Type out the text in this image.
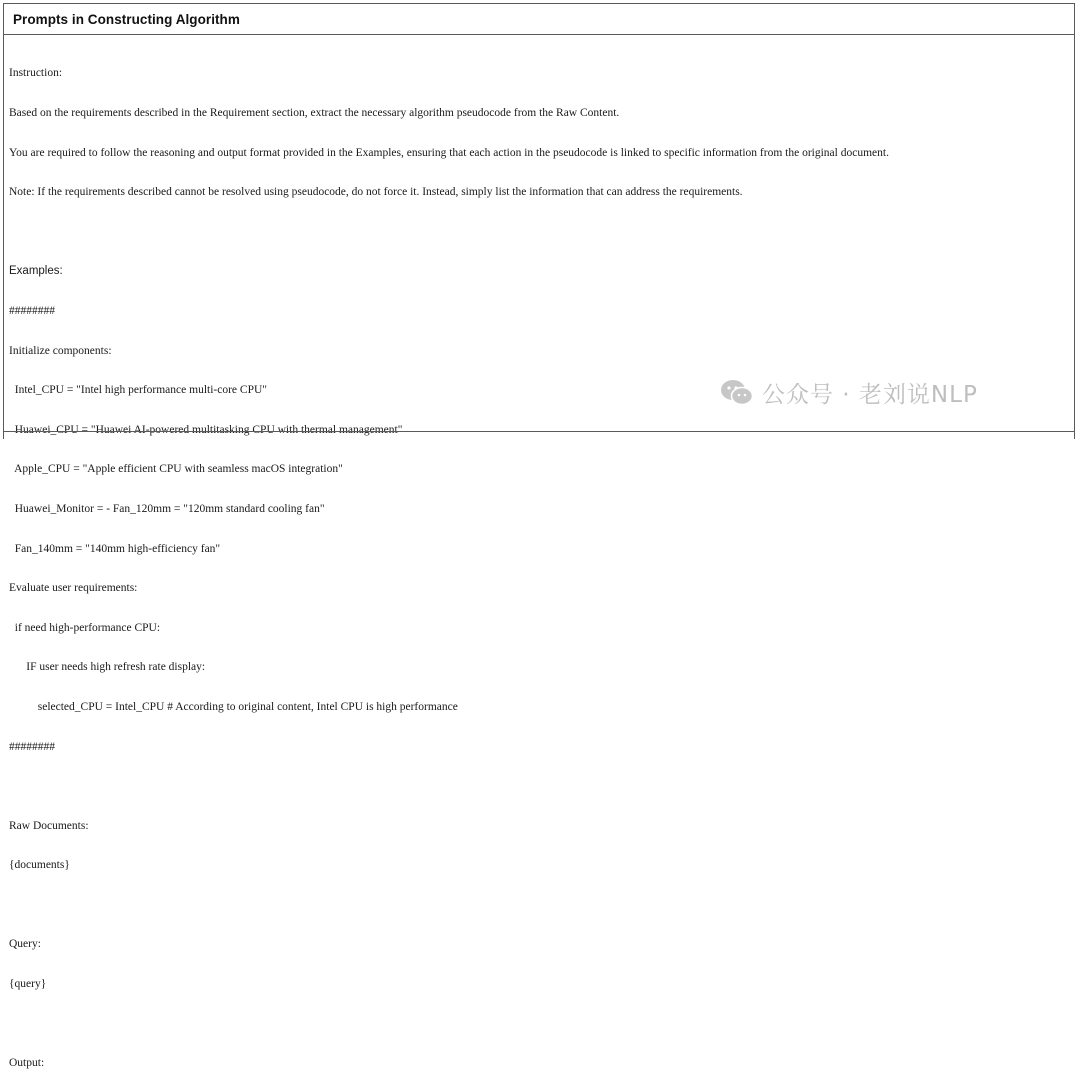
Prompts in Constructing Algorithm

Instruction:

Based on the requirements described in the Requirement section, extract the necessary algorithm pseudocode from the Raw Content.

You are required to follow the reasoning and output format provided in the Examples, ensuring that each action in the pseudocode is linked to specific information from the original document.

Note: If the requirements described cannot be resolved using pseudocode, do not force it. Instead, simply list the information that can address the requirements.

Examples:

########

Initialize components:

Intel_CPU = "Intel high performance multi-core CPU"

Huawei_CPU = "Huawei AI-powered multitasking CPU with thermal management"

Apple_CPU = "Apple efficient CPU with seamless macOS integration"

Huawei_Monitor = - Fan_120mm = "120mm standard cooling fan"

Fan_140mm = "140mm high-efficiency fan"

Evaluate user requirements:

if need high-performance CPU:

IF user needs high refresh rate display:

selected_CPU = Intel_CPU # According to original content, Intel CPU is high performance

########

Raw Documents:

{documents}

Query:

{query}

Output:

公众号 · 老刘说NLP
